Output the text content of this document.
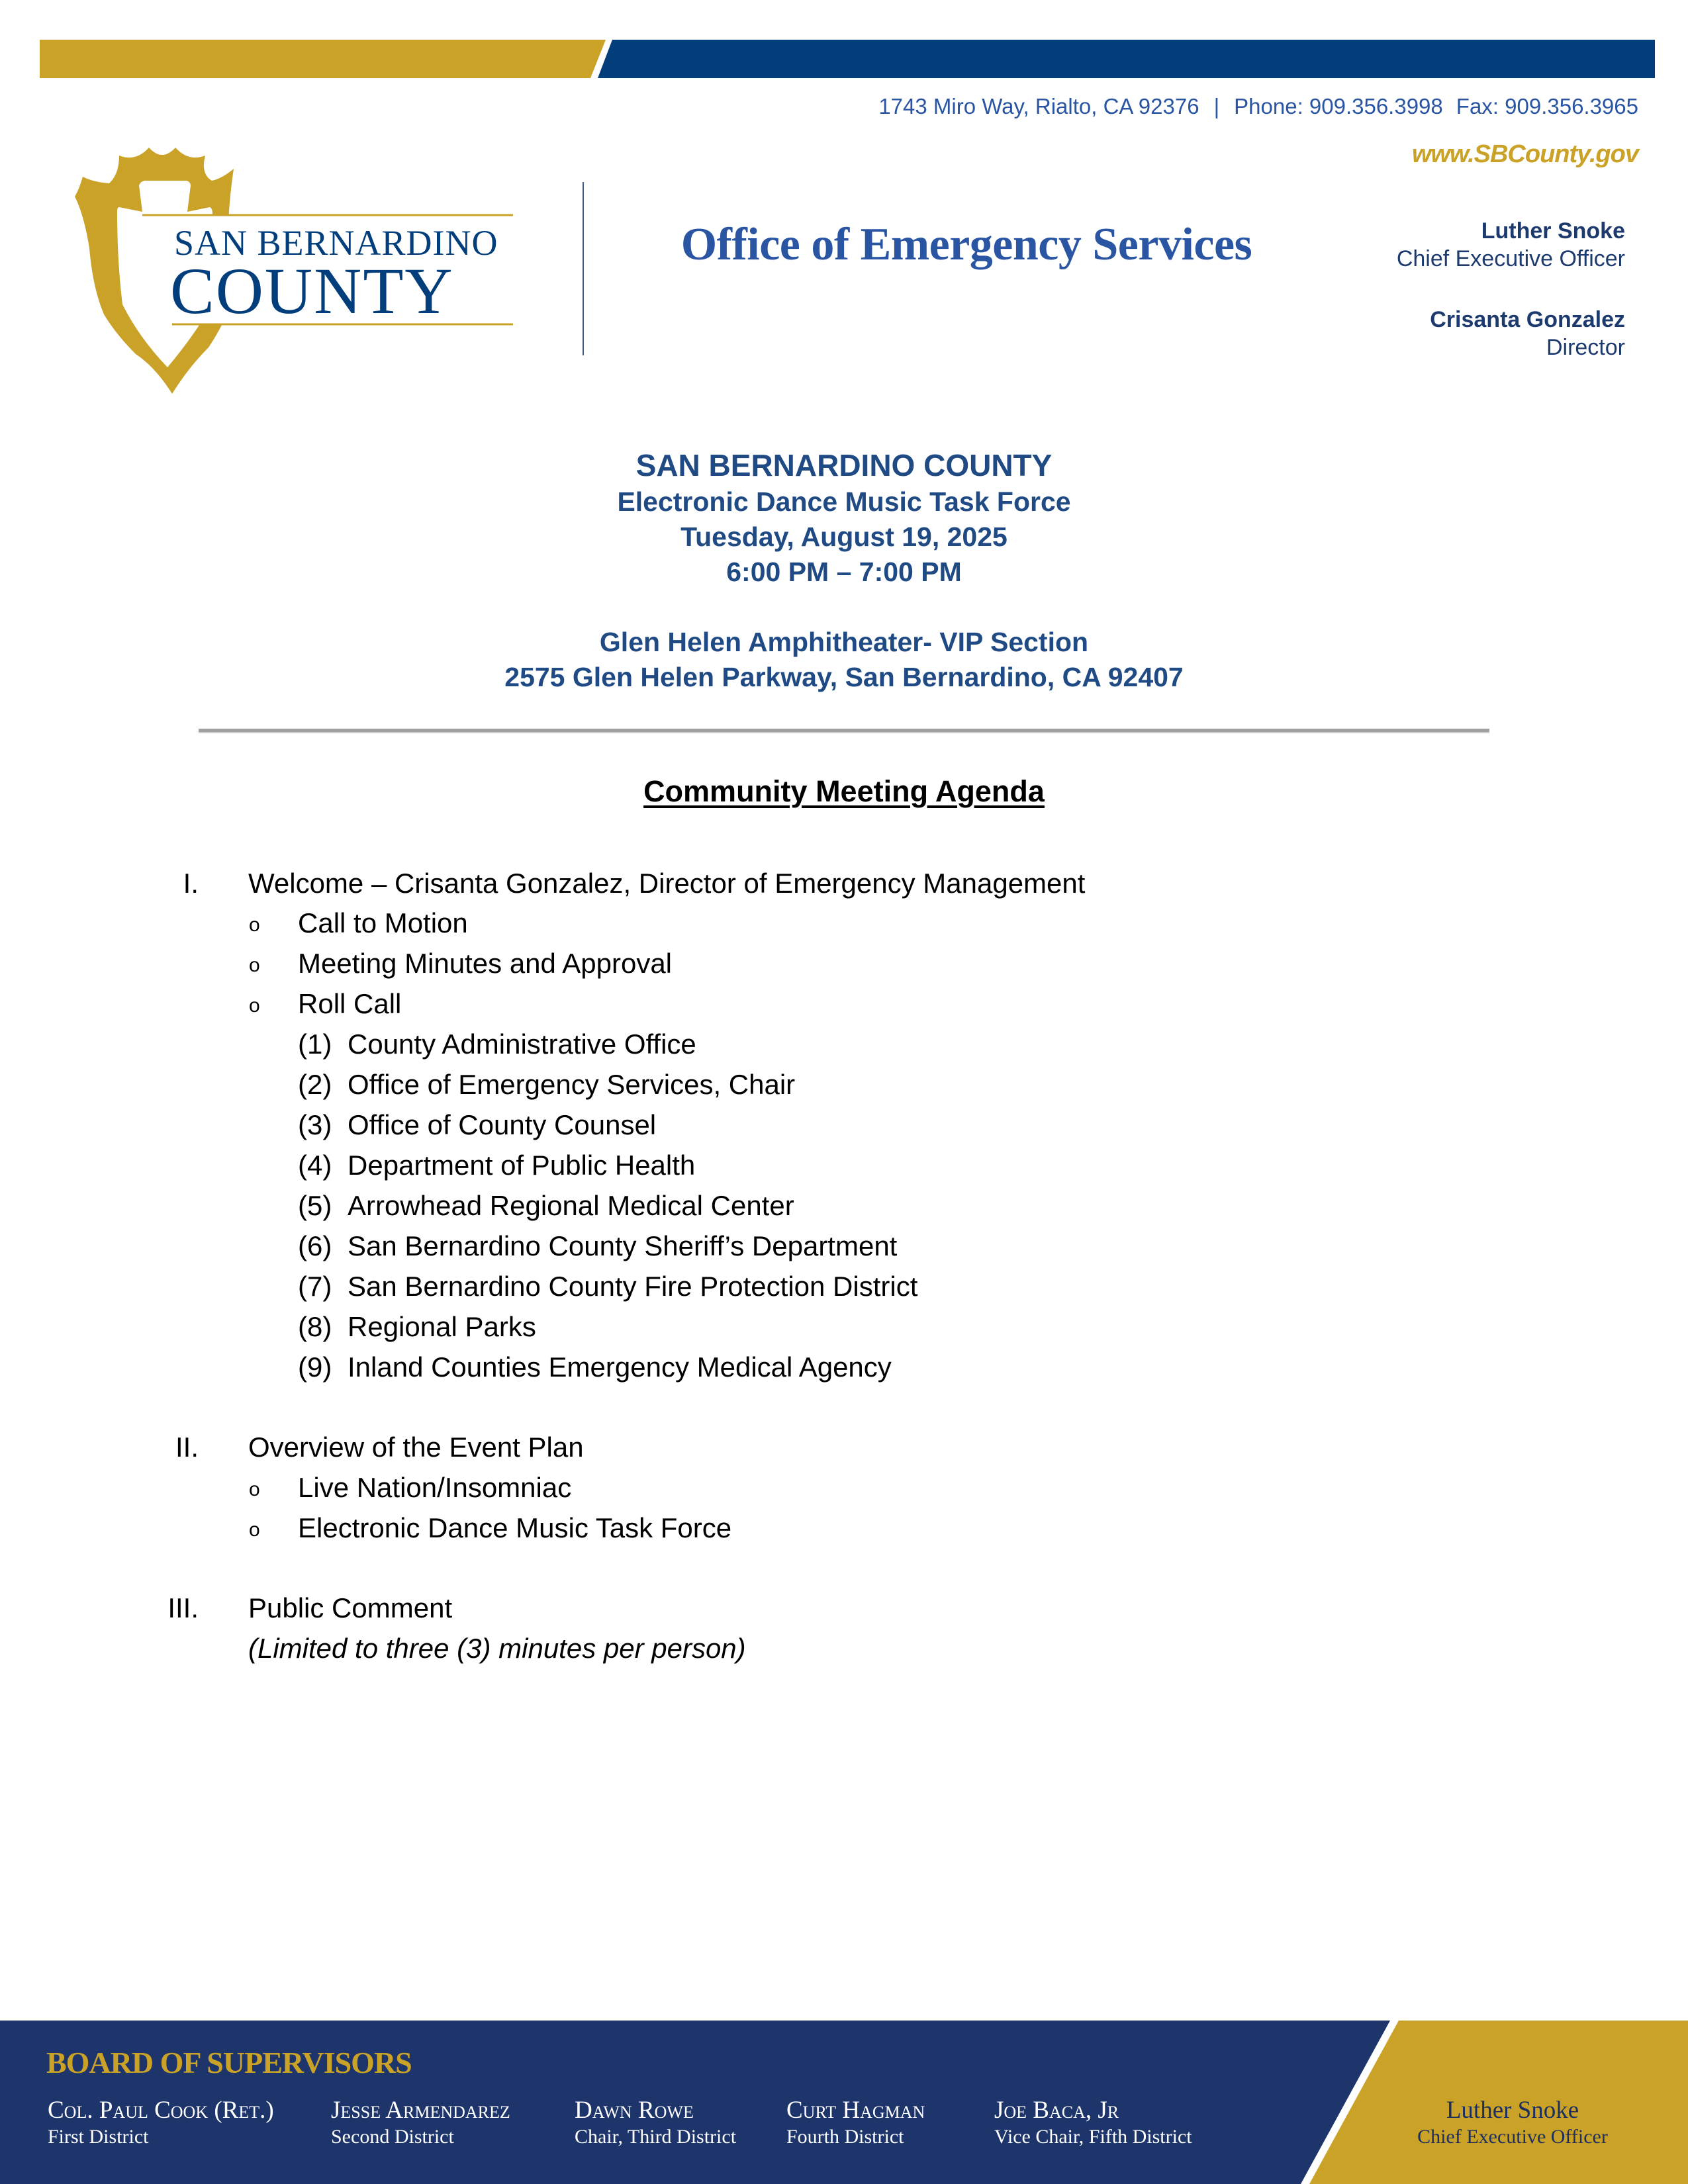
1743 Miro Way, Rialto, CA 92376 | Phone: 909.356.3998 Fax: 909.356.3965
www.SBCounty.gov
SAN BERNARDINO
COUNTY
Office of Emergency Services	Luther Snoke
Chief Executive Officer
Crisanta Gonzalez
Director
SAN BERNARDINO COUNTY
Electronic Dance Music Task Force
Tuesday, August 19, 2025
6:00 PM – 7:00 PM
Glen Helen Amphitheater- VIP Section
2575 Glen Helen Parkway, San Bernardino, CA 92407
Community Meeting Agenda
I. Welcome – Crisanta Gonzalez, Director of Emergency Management
o Call to Motion
o Meeting Minutes and Approval
o Roll Call
(1) County Administrative Office
(2) Office of Emergency Services, Chair
(3) Office of County Counsel
(4) Department of Public Health
(5) Arrowhead Regional Medical Center
(6) San Bernardino County Sheriff’s Department
(7) San Bernardino County Fire Protection District
(8) Regional Parks
(9) Inland Counties Emergency Medical Agency
II. Overview of the Event Plan
o Live Nation/Insomniac
o Electronic Dance Music Task Force
III. Public Comment
(Limited to three (3) minutes per person)
BOARD OF SUPERVISORS
Col. Paul Cook (Ret.)
First District
Jesse Armendarez
Second District
Dawn Rowe
Chair, Third District
Curt Hagman
Fourth District
Joe Baca, Jr
Vice Chair, Fifth District
Luther Snoke
Chief Executive Officer
